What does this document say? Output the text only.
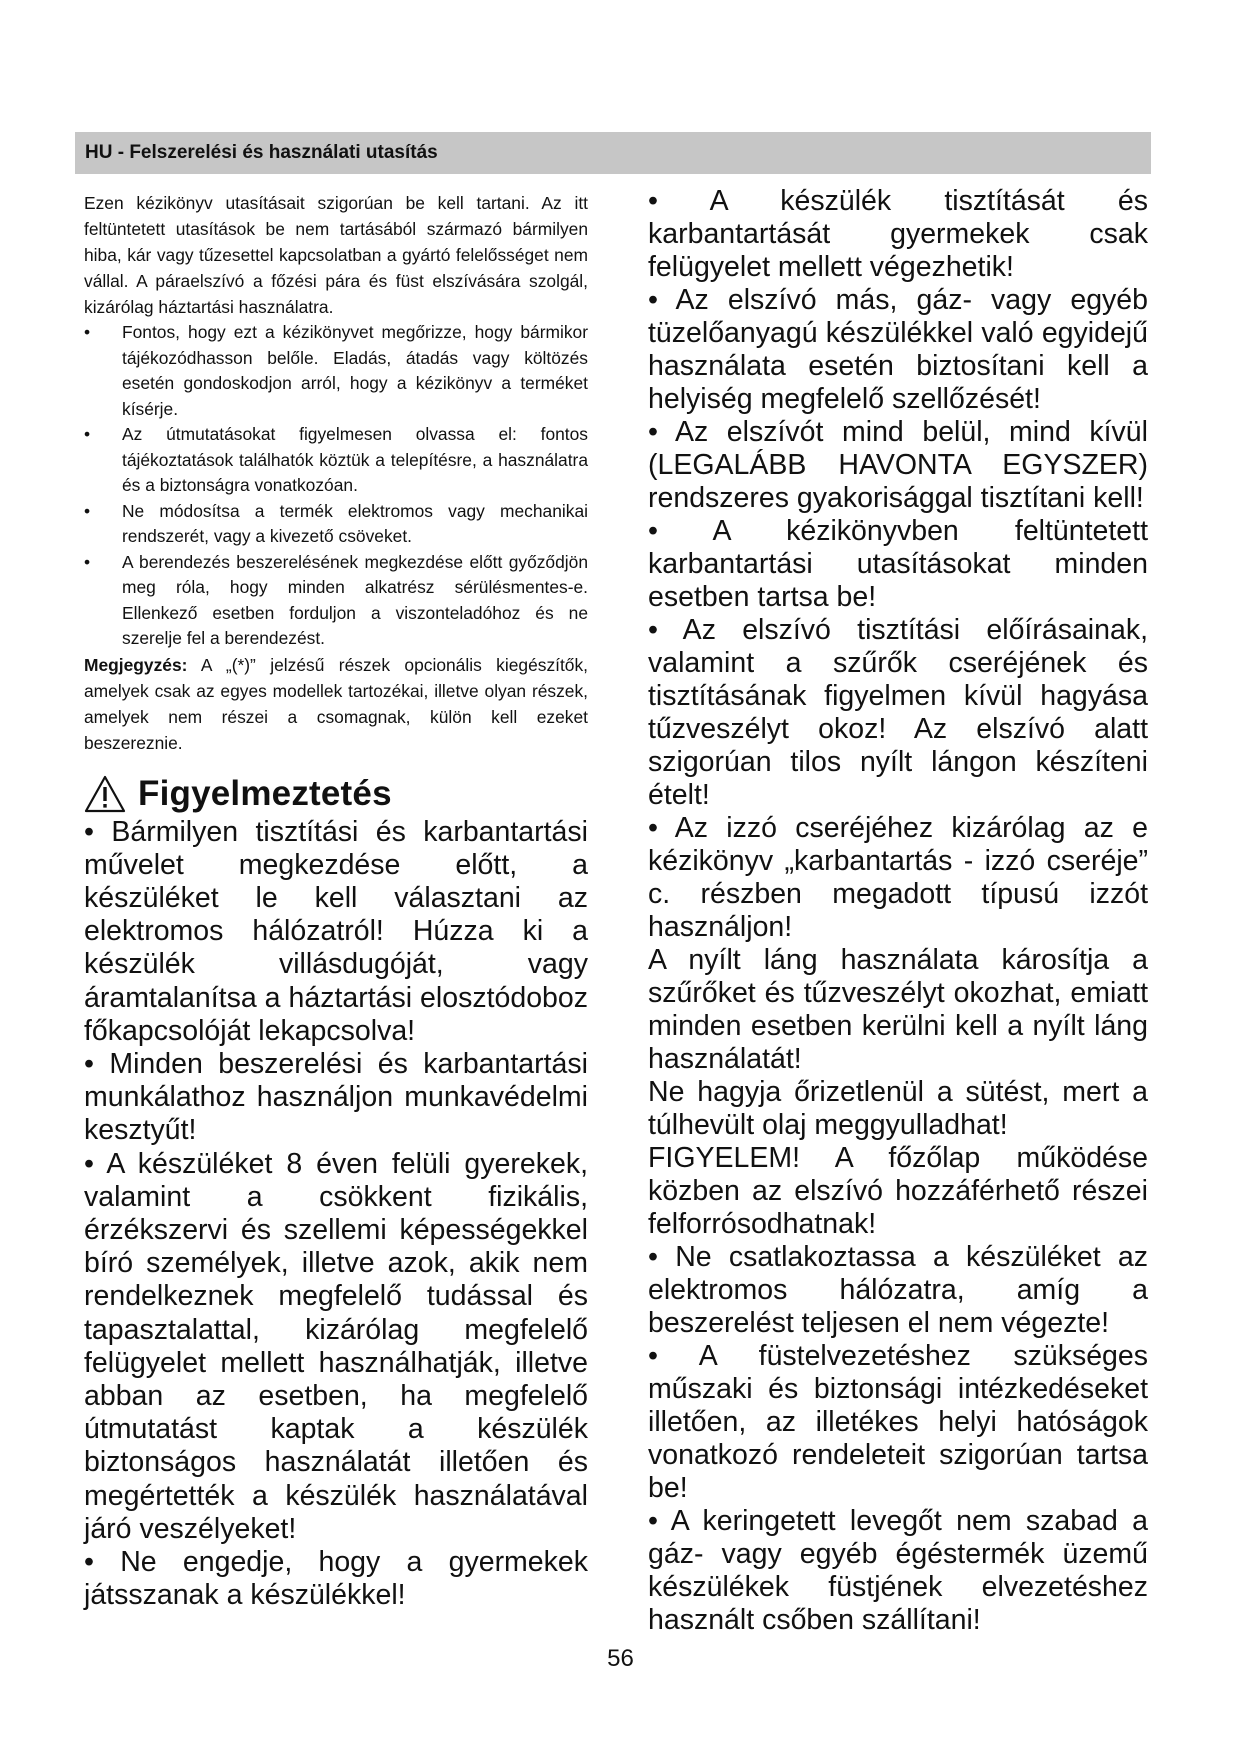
HU - Felszerelési és használati utasítás

Ezen kézikönyv utasításait szigorúan be kell tartani. Az itt feltüntetett utasítások be nem tartásából származó bármilyen hiba, kár vagy tűzesettel kapcsolatban a gyártó felelősséget nem vállal. A páraelszívó a főzési pára és füst elszívására szolgál, kizárólag háztartási használatra.

• Fontos, hogy ezt a kézikönyvet megőrizze, hogy bármikor tájékozódhasson belőle. Eladás, átadás vagy költözés esetén gondoskodjon arról, hogy a kézikönyv a terméket kísérje.
• Az útmutatásokat figyelmesen olvassa el: fontos tájékoztatások találhatók köztük a telepítésre, a használatra és a biztonságra vonatkozóan.
• Ne módosítsa a termék elektromos vagy mechanikai rendszerét, vagy a kivezető csöveket.
• A berendezés beszerelésének megkezdése előtt győződjön meg róla, hogy minden alkatrész sérülésmentes-e. Ellenkező esetben forduljon a viszonteladóhoz és ne szerelje fel a berendezést.

Megjegyzés: A „(*)” jelzésű részek opcionális kiegészítők, amelyek csak az egyes modellek tartozékai, illetve olyan részek, amelyek nem részei a csomagnak, külön kell ezeket beszereznie.

Figyelmeztetés

• Bármilyen tisztítási és karbantartási művelet megkezdése előtt, a készüléket le kell választani az elektromos hálózatról! Húzza ki a készülék villásdugóját, vagy áramtalanítsa a háztartási elosztódoboz főkapcsolóját lekapcsolva!

• Minden beszerelési és karbantartási munkálathoz használjon munkavédelmi kesztyűt!

• A készüléket 8 éven felüli gyerekek, valamint a csökkent fizikális, érzékszervi és szellemi képességekkel bíró személyek, illetve azok, akik nem rendelkeznek megfelelő tudással és tapasztalattal, kizárólag megfelelő felügyelet mellett használhatják, illetve abban az esetben, ha megfelelő útmutatást kaptak a készülék biztonságos használatát illetően és megértették a készülék használatával járó veszélyeket!

• Ne engedje, hogy a gyermekek játsszanak a készülékkel!

• A készülék tisztítását és karbantartását gyermekek csak felügyelet mellett végezhetik!

• Az elszívó más, gáz- vagy egyéb tüzelőanyagú készülékkel való egyidejű használata esetén biztosítani kell a helyiség megfelelő szellőzését!

• Az elszívót mind belül, mind kívül (LEGALÁBB HAVONTA EGYSZER) rendszeres gyakorisággal tisztítani kell!

• A kézikönyvben feltüntetett karbantartási utasításokat minden esetben tartsa be!

• Az elszívó tisztítási előírásainak, valamint a szűrők cseréjének és tisztításának figyelmen kívül hagyása tűzveszélyt okoz! Az elszívó alatt szigorúan tilos nyílt lángon készíteni ételt!

• Az izzó cseréjéhez kizárólag az e kézikönyv „karbantartás - izzó cseréje” c. részben megadott típusú izzót használjon!

A nyílt láng használata károsítja a szűrőket és tűzveszélyt okozhat, emiatt minden esetben kerülni kell a nyílt láng használatát!

Ne hagyja őrizetlenül a sütést, mert a túlhevült olaj meggyulladhat!

FIGYELEM! A főzőlap működése közben az elszívó hozzáférhető részei felforrósodhatnak!

• Ne csatlakoztassa a készüléket az elektromos hálózatra, amíg a beszerelést teljesen el nem végezte!

• A füstelvezetéshez szükséges műszaki és biztonsági intézkedéseket illetően, az illetékes helyi hatóságok vonatkozó rendeleteit szigorúan tartsa be!

• A keringetett levegőt nem szabad a gáz- vagy egyéb égéstermék üzemű készülékek füstjének elvezetéshez használt csőben szállítani!

56
